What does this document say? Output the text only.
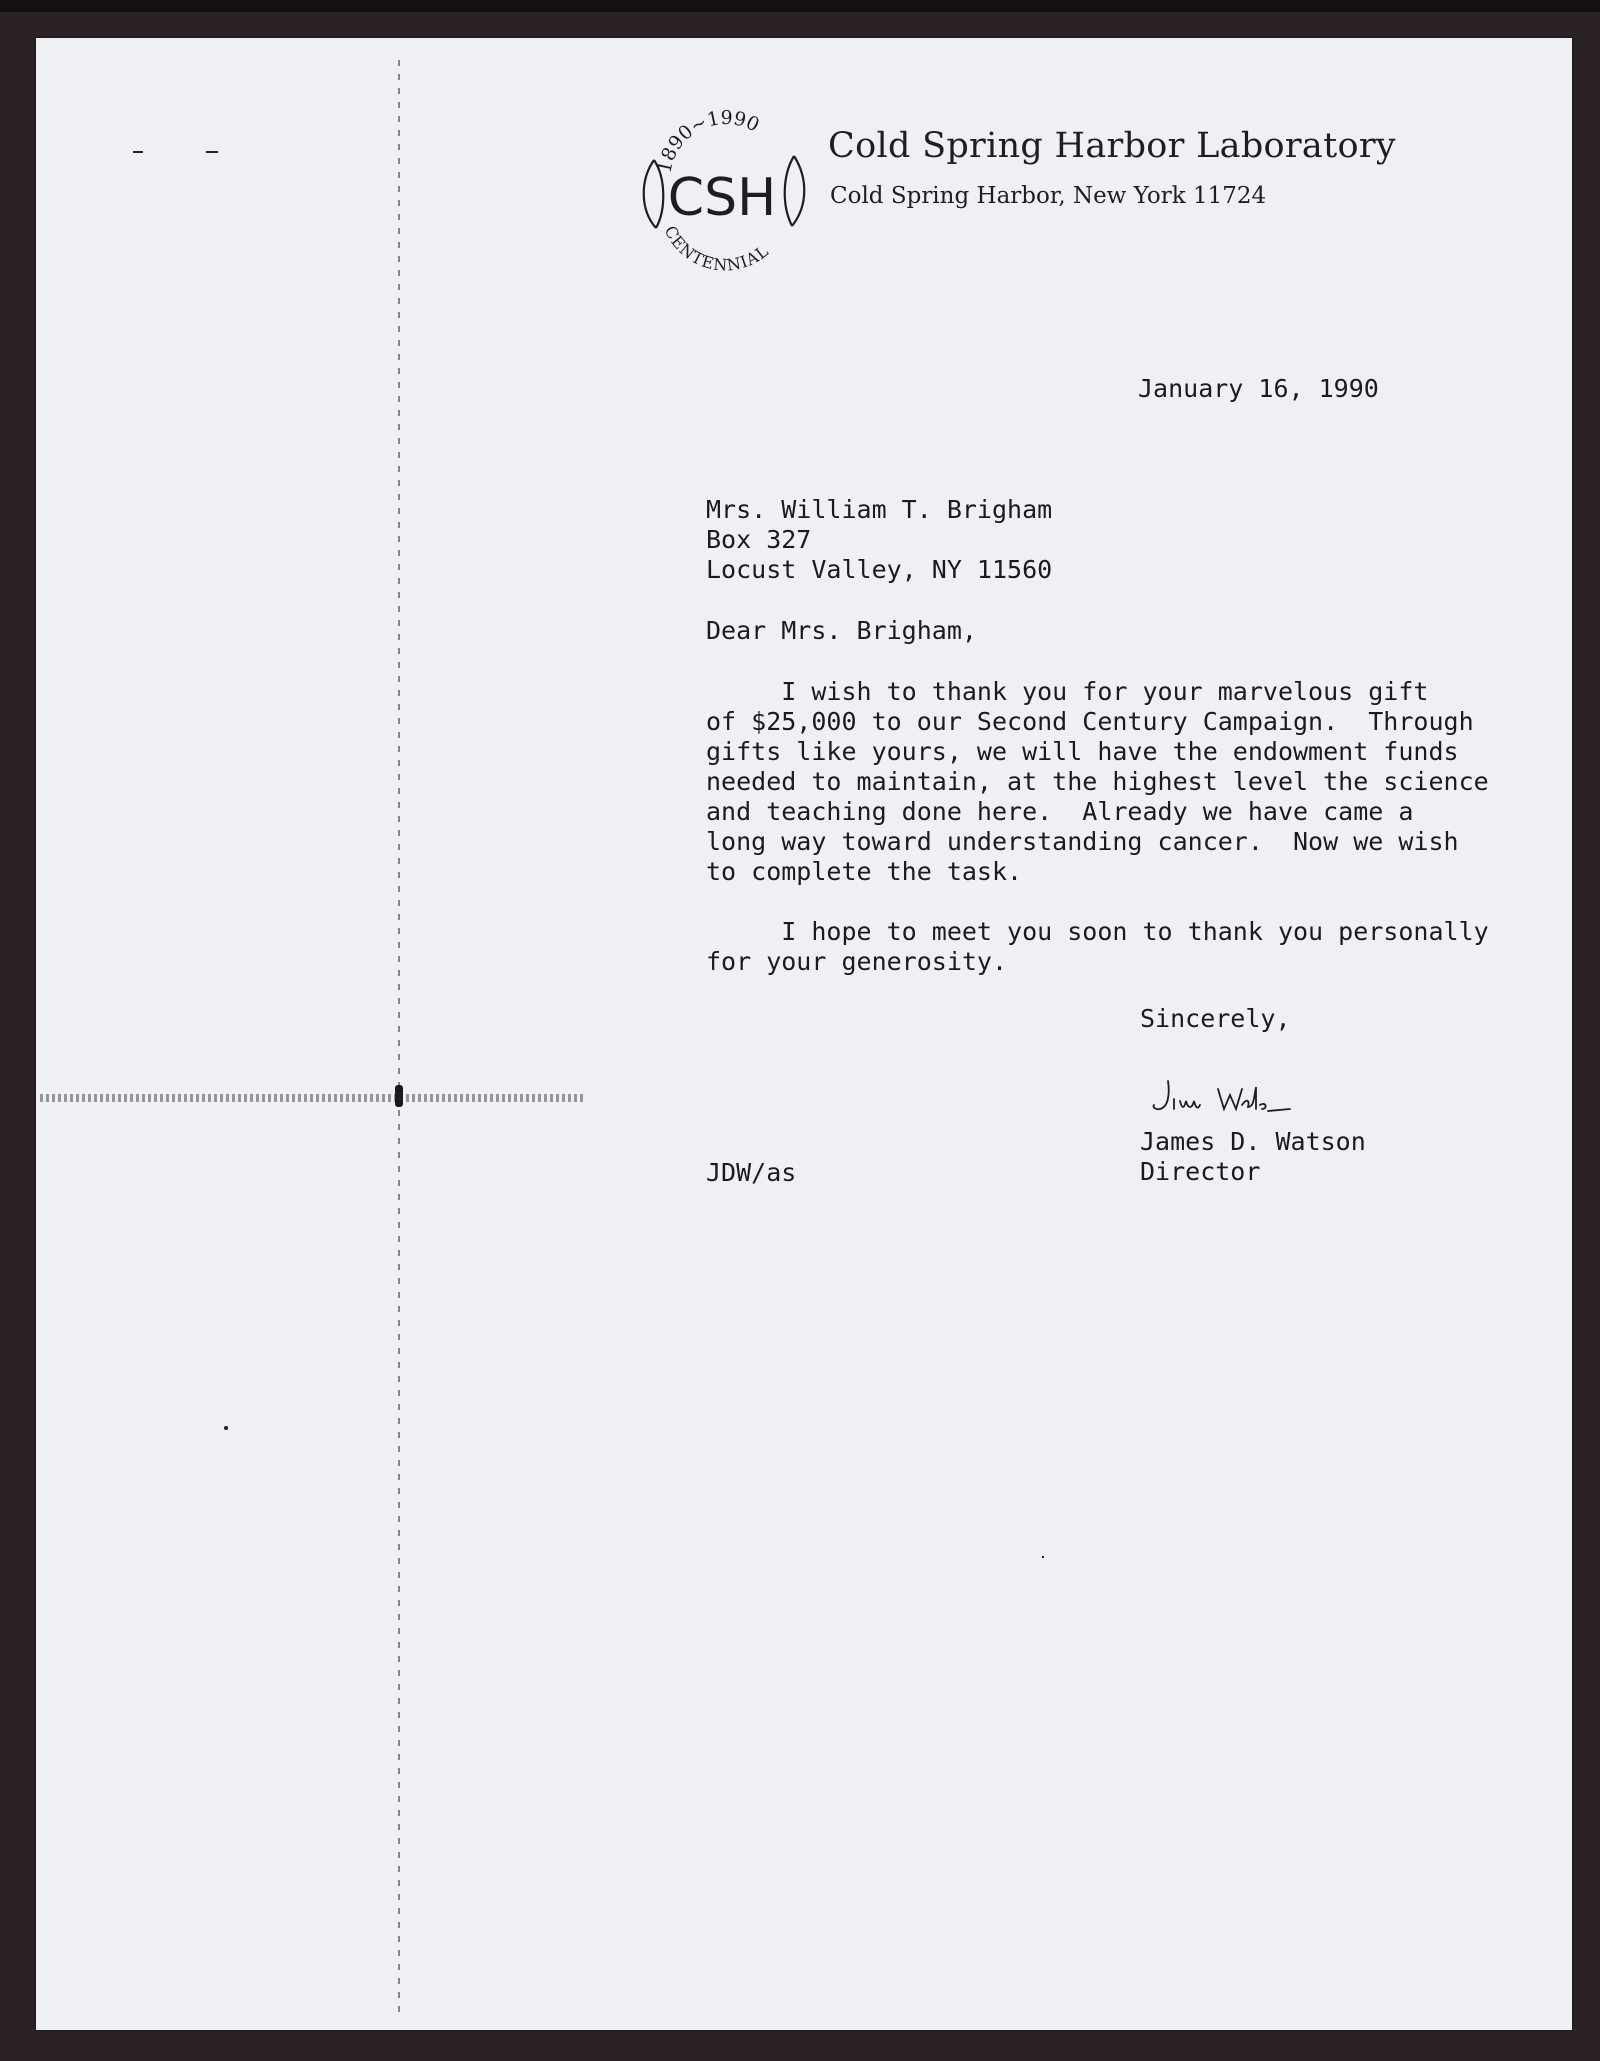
1890~1990
CSH
CENTENNIAL
Cold Spring Harbor Laboratory
Cold Spring Harbor, New York 11724
January 16, 1990
Mrs. William T. Brigham
Box 327
Locust Valley, NY 11560
Dear Mrs. Brigham,
I wish to thank you for your marvelous gift
of $25,000 to our Second Century Campaign.  Through
gifts like yours, we will have the endowment funds
needed to maintain, at the highest level the science
and teaching done here.  Already we have came a
long way toward understanding cancer.  Now we wish
to complete the task.
I hope to meet you soon to thank you personally
for your generosity.
Sincerely,
James D. Watson
Director
JDW/as
